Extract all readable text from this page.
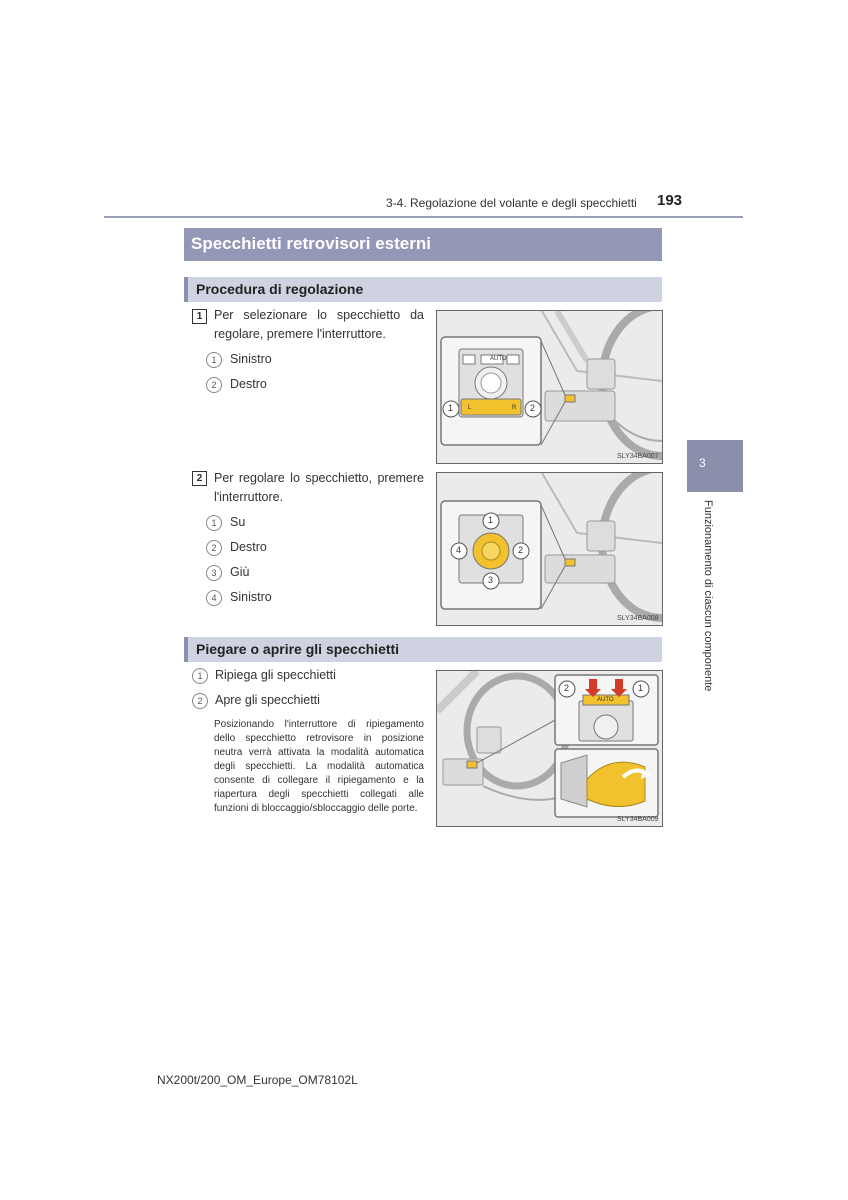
3-4. Regolazione del volante e degli specchietti 193
3
Funzionamento di ciascun componente
Specchietti retrovisori esterni
Procedura di regolazione
1 Per selezionare lo specchietto da regolare, premere l'interruttore.
1	Sinistro
2	Destro
AUTO
L	R
1	2
SLY34BA007
2 Per regolare lo specchietto, premere l'interruttore.
1	Su
2	Destro
3	Giù
4	Sinistro
1
2
3
4
SLY34BA008
Piegare o aprire gli specchietti
1	Ripiega gli specchietti
2	Apre gli specchietti
Posizionando l'interruttore di ripiegamento dello specchietto retrovisore in posizione neutra verrà attivata la modalità automatica degli specchietti. La modalità automatica consente di collegare il ripiegamento e la riapertura degli specchietti collegati alle funzioni di bloccaggio/sbloccaggio delle porte.
2	1
AUTO
SLY34BA009
NX200t/200_OM_Europe_OM78102L
